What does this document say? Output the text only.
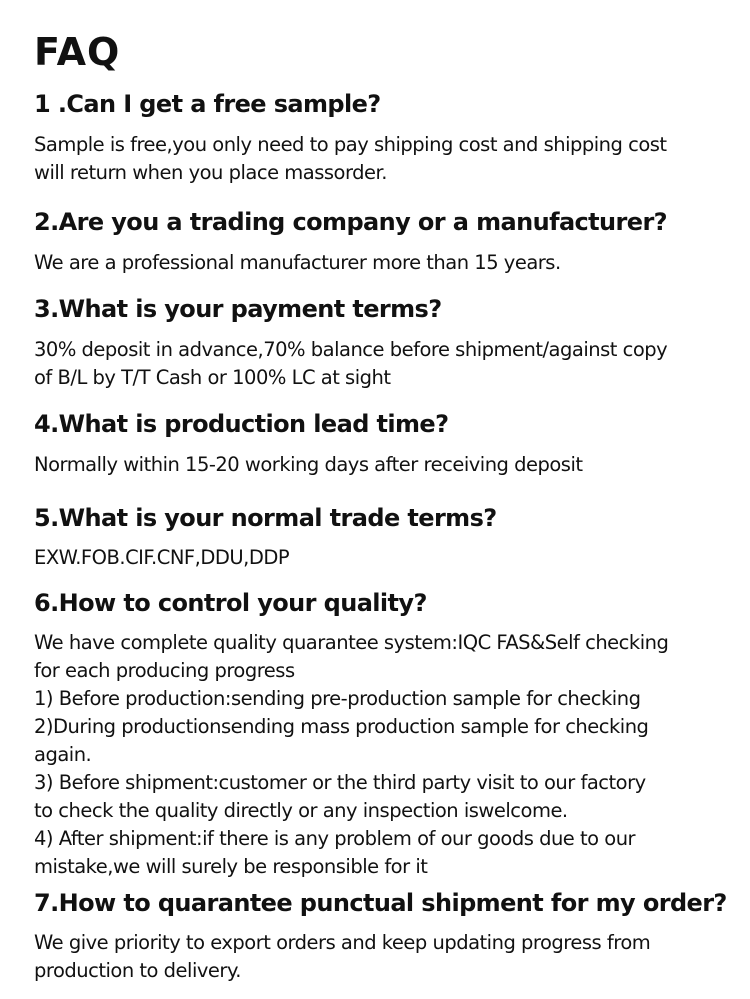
FAQ
1 .Can I get a free sample?

Sample is free,you only need to pay shipping cost and shipping cost
will return when you place massorder.

2.Are you a trading company or a manufacturer?

We are a professional manufacturer more than 15 years.

3.What is your payment terms?

30% deposit in advance,70% balance before shipment/against copy
of B/L by T/T Cash or 100% LC at sight

4.What is production lead time?

Normally within 15-20 working days after receiving deposit

5.What is your normal trade terms?

EXW.FOB.CIF.CNF,DDU,DDP

6.How to control your quality?

We have complete quality quarantee system:IQC FAS&Self checking
for each producing progress
1) Before production:sending pre-production sample for checking
2)During productionsending mass production sample for checking
again.
3) Before shipment:customer or the third party visit to our factory
to check the quality directly or any inspection iswelcome.
4) After shipment:if there is any problem of our goods due to our
mistake,we will surely be responsible for it

7.How to quarantee punctual shipment for my order?

We give priority to export orders and keep updating progress from
production to delivery.
